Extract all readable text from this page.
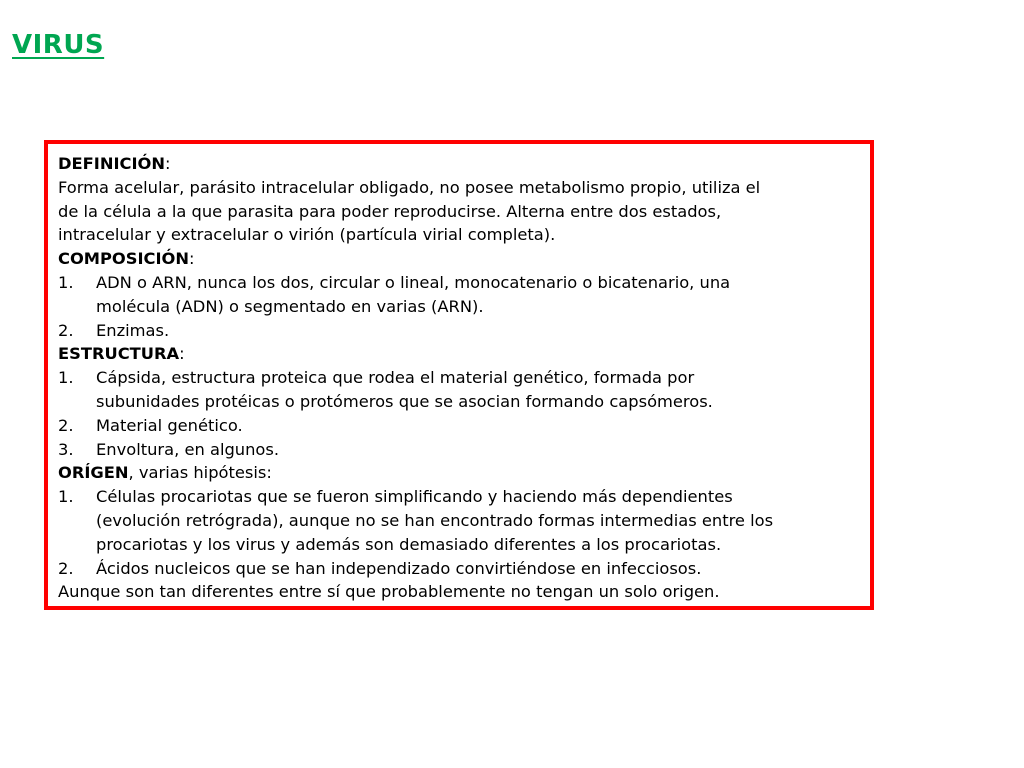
VIRUS
DEFINICIÓN:
Forma acelular, parásito intracelular obligado, no posee metabolismo propio, utiliza el
de la célula a la que parasita para poder reproducirse. Alterna entre dos estados,
intracelular y extracelular o virión (partícula virial completa).
COMPOSICIÓN:
1.	ADN o ARN, nunca los dos, circular o lineal, monocatenario o bicatenario, una
molécula (ADN) o segmentado en varias (ARN).
2.	Enzimas.
ESTRUCTURA:
1.	Cápsida, estructura proteica que rodea el material genético, formada por
subunidades protéicas o protómeros que se asocian formando capsómeros.
2.	Material genético.
3.	Envoltura, en algunos.
ORÍGEN, varias hipótesis:
1.	Células procariotas que se fueron simplificando y haciendo más dependientes
(evolución retrógrada), aunque no se han encontrado formas intermedias entre los
procariotas y los virus y además son demasiado diferentes a los procariotas.
2.	Ácidos nucleicos que se han independizado convirtiéndose en infecciosos.
Aunque son tan diferentes entre sí que probablemente no tengan un solo origen.
